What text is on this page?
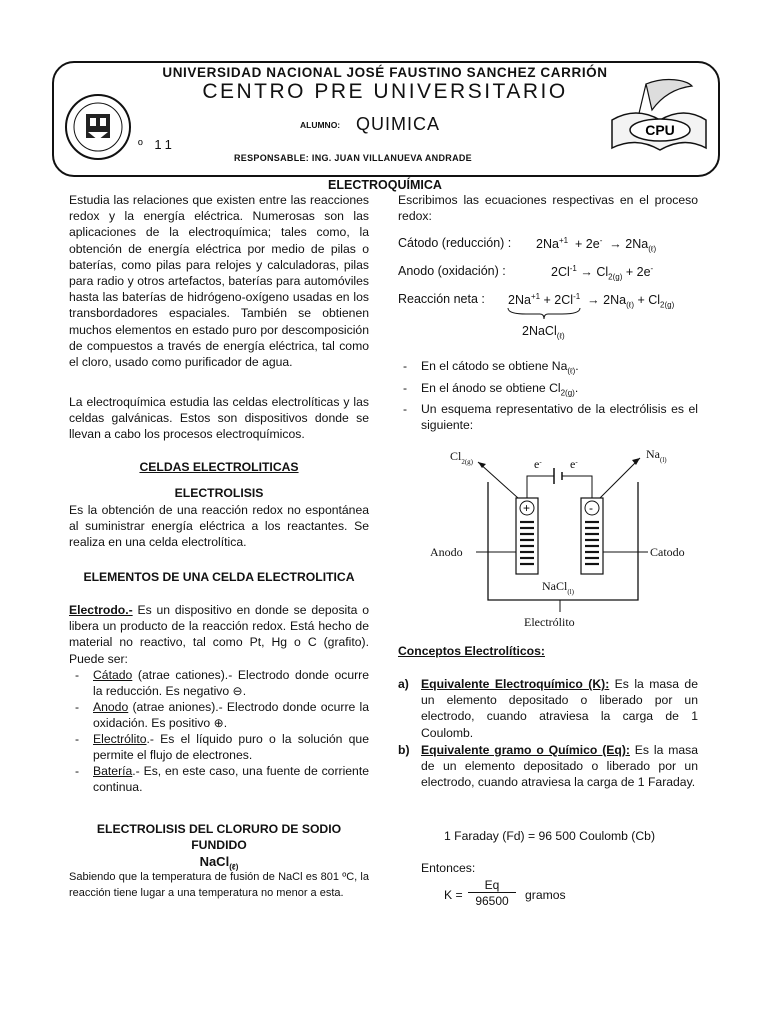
UNIVERSIDAD NACIONAL JOSÉ FAUSTINO SANCHEZ CARRIÓN
CENTRO PRE UNIVERSITARIO
ALUMNO: QUIMICA
º 11
RESPONSABLE: ING. JUAN VILLANUEVA ANDRADE
CPU
ELECTROQUÍMICA
Estudia las relaciones que existen entre las reacciones redox y la energía eléctrica. Numerosas son las aplicaciones de la electroquímica; tales como, la obtención de energía eléctrica por medio de pilas o baterías, como pilas para relojes y calculadoras, pilas para radio y otros artefactos, baterías para automóviles hasta las baterías de hidrógeno-oxígeno usadas en los transbordadores espaciales. También se obtienen muchos elementos en estado puro por descomposición de compuestos a través de energía eléctrica, tal como el cloro, usado como purificador de agua.
La electroquímica estudia las celdas electrolíticas y las celdas galvánicas. Estos son dispositivos donde se llevan a cabo los procesos electroquímicos.
CELDAS ELECTROLITICAS
ELECTROLISIS
Es la obtención de una reacción redox no espontánea al suministrar energía eléctrica a los reactantes. Se realiza en una celda electrolítica.
ELEMENTOS DE UNA CELDA ELECTROLITICA
Electrodo.- Es un dispositivo en donde se deposita o libera un producto de la reacción redox. Está hecho de material no reactivo, tal como Pt, Hg o C (grafito). Puede ser:
- Cátado (atrae cationes).- Electrodo donde ocurre la reducción. Es negativo ⊖.
- Anodo (atrae aniones).- Electrodo donde ocurre la oxidación. Es positivo ⊕.
- Electrólito.- Es el líquido puro o la solución que permite el flujo de electrones.
- Batería.- Es, en este caso, una fuente de corriente continua.
ELECTROLISIS DEL CLORURO DE SODIO
FUNDIDO
NaCl$_{(\ell)}$
Sabiendo que la temperatura de fusión de NaCl es 801 ºC, la reacción tiene lugar a una temperatura no menor a esta.
Escribimos las ecuaciones respectivas en el proceso redox:
Cátodo (reducción) : $2Na^{+1} + 2e^- \to 2Na_{(\ell)}$
Anodo (oxidación) :	$2Cl^{-1} \to Cl_{2(g)} + 2e^-$
Reacción neta : $2Na^{+1} + 2Cl^{-1} \to 2Na_{(\ell)} + Cl_{2(g)}$
2NaCl$_{(\ell)}$
- En el cátodo se obtiene $Na_{(\ell)}$.
- En el ánodo se obtiene $Cl_{2(g)}$.
- Un esquema representativo de la electrólisis es el siguiente:
$Cl_{2(g)}$
$Na_{(l)}$
e- e-
Anodo	Catodo
NaCl$_{(l)}$
Electrólito
+	-
Conceptos Electrolíticos:
a) Equivalente Electroquímico (K): Es la masa de un elemento depositado o liberado por un electrodo, cuando atraviesa la carga de 1 Coulomb.
b) Equivalente gramo o Químico (Eq): Es la masa de un elemento depositado o liberado por un electrodo, cuando atraviesa la carga de 1 Faraday.
1 Faraday (Fd) = 96 500 Coulomb (Cb)
Entonces:
$K = \frac{Eq}{96500}$ gramos
